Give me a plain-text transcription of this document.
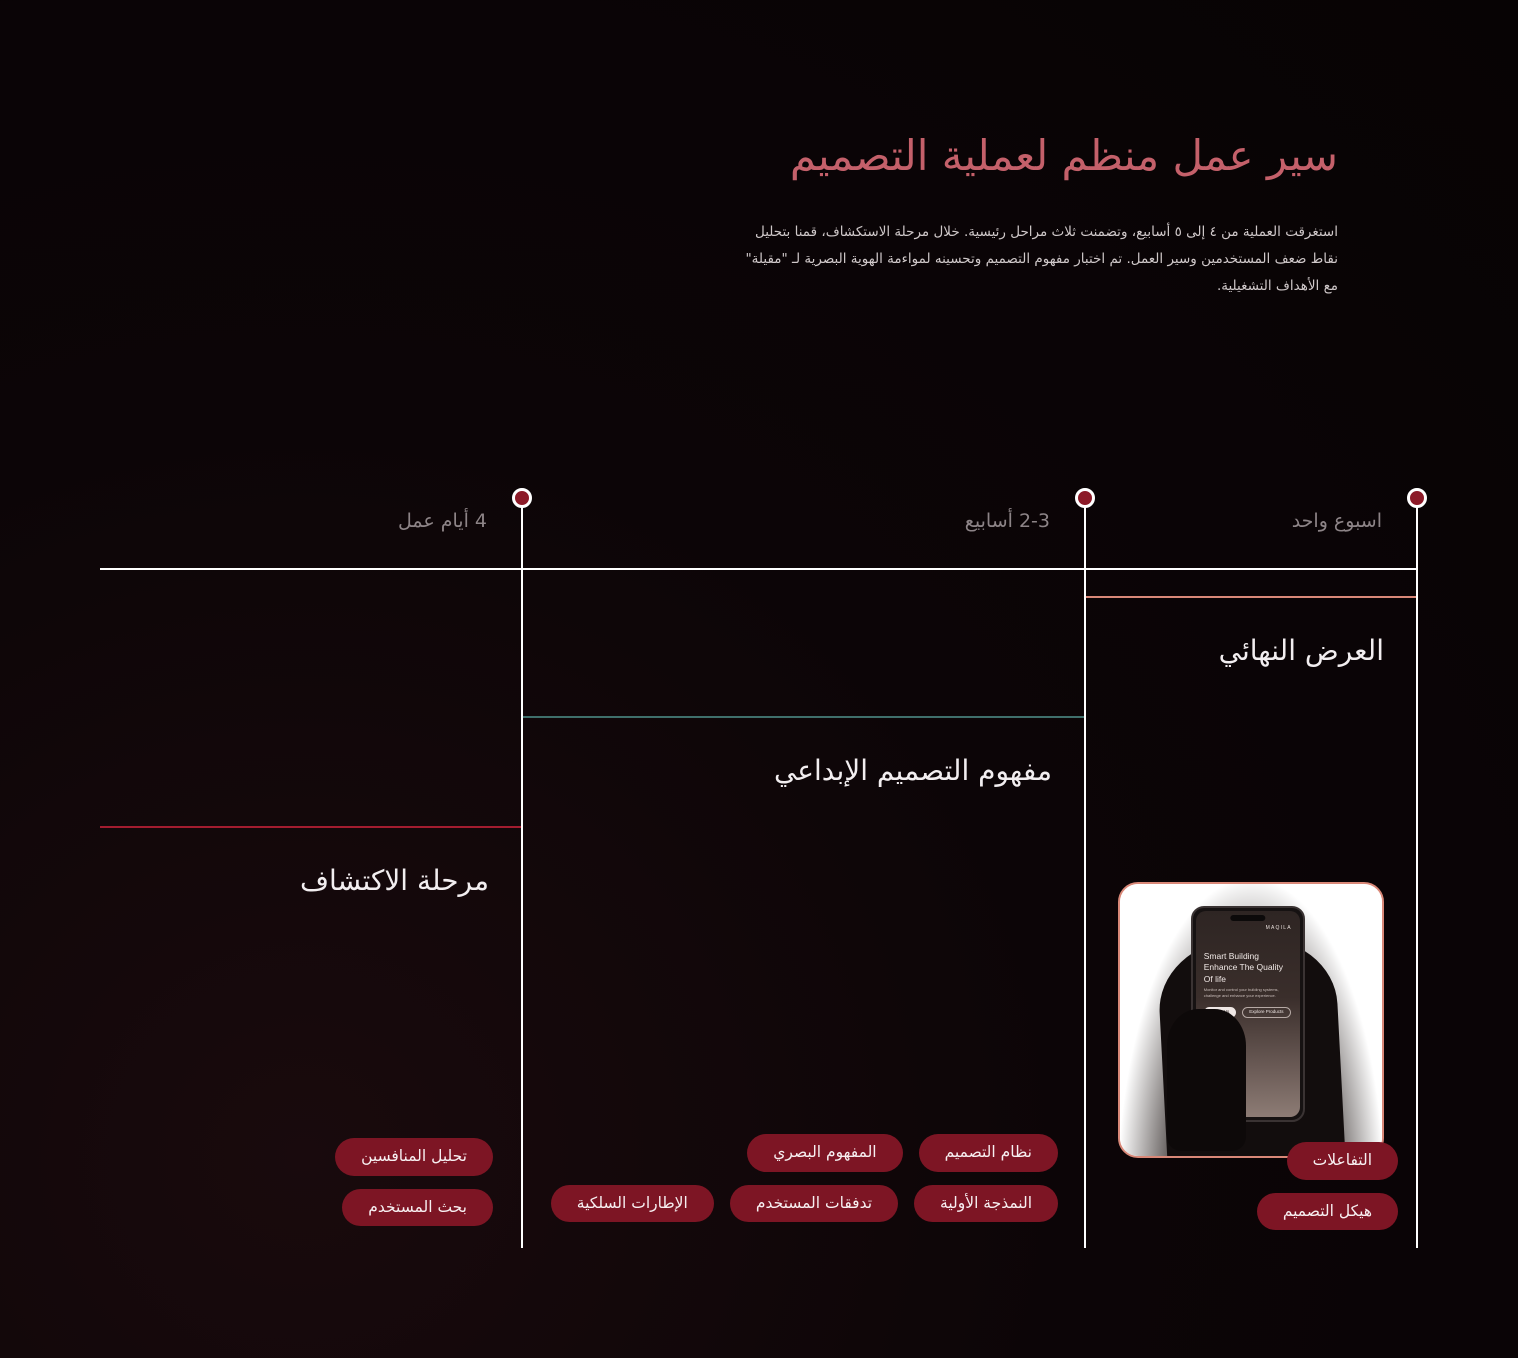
سير عمل منظم لعملية التصميم

استغرقت العملية من ٤ إلى ٥ أسابيع، وتضمنت ثلاث مراحل رئيسية. خلال مرحلة الاستكشاف، قمنا بتحليل نقاط ضعف المستخدمين وسير العمل. تم اختبار مفهوم التصميم وتحسينه لمواءمة الهوية البصرية لـ "مقيلة" مع الأهداف التشغيلية.

اسبوع واحد
العرض النهائي
MAQILA
Smart Building Enhance The Quality Of life
Monitor and control your building systems, challenge and enhance your experience.
Explore Products
هيكل التصميم
التفاعلات
2-3 أسابيع
مفهوم التصميم الإبداعي
النمذجة الأولية
تدفقات المستخدم
الإطارات السلكية
نظام التصميم
المفهوم البصري
4 أيام عمل
مرحلة الاكتشاف
بحث المستخدم
تحليل المنافسين
